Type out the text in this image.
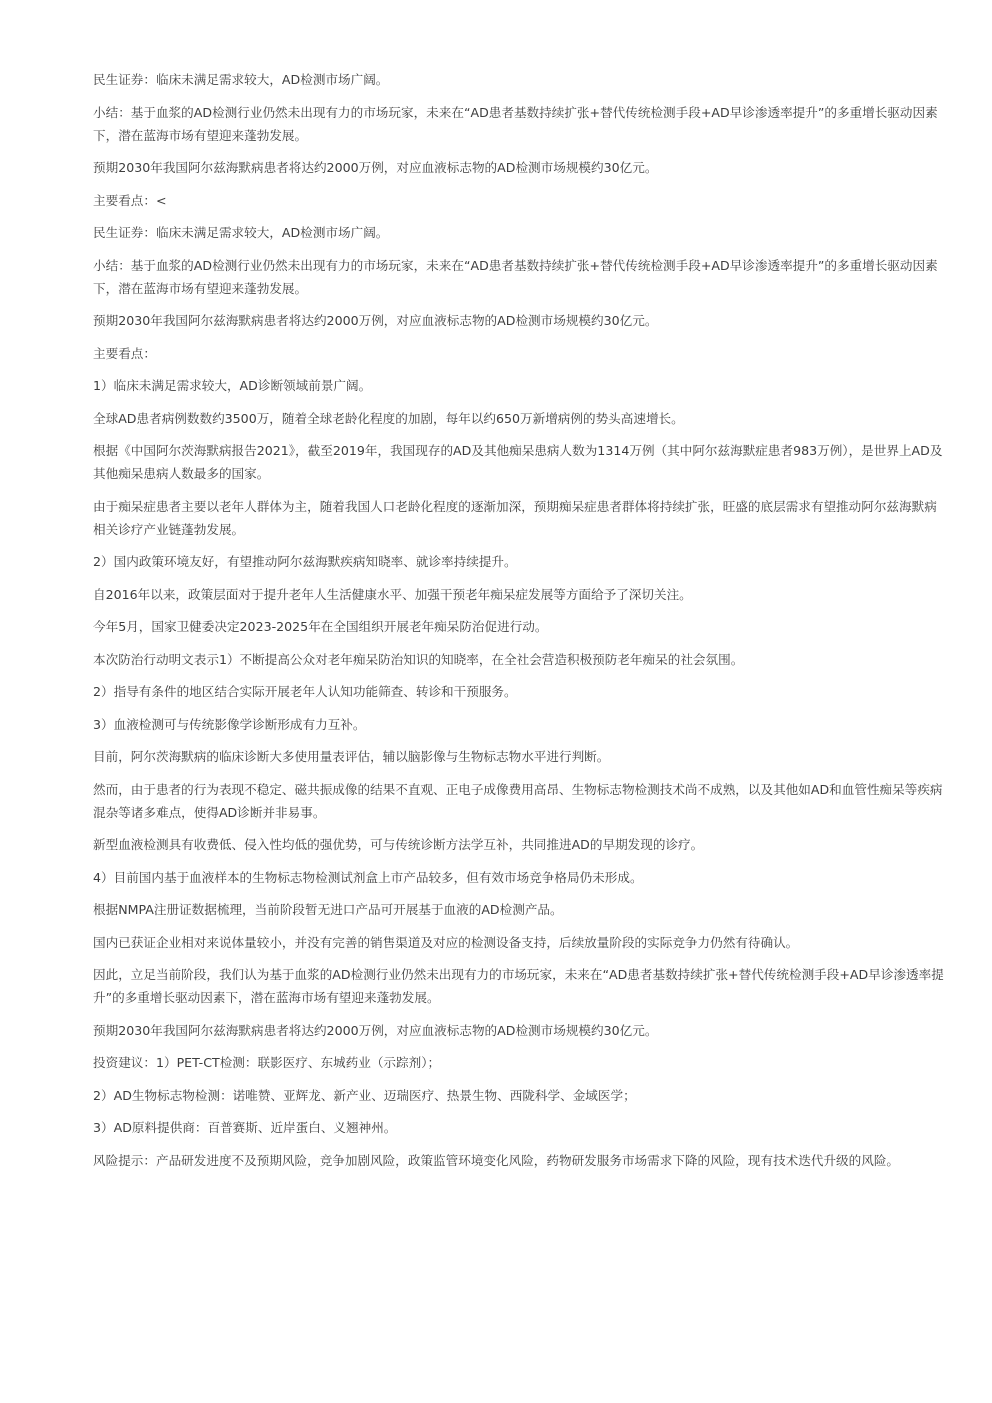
民生证券：临床未满足需求较大，AD检测市场广阔。

小结：基于血浆的AD检测行业仍然未出现有力的市场玩家，未来在“AD患者基数持续扩张+替代传统检测手段+AD早诊渗透率提升”的多重增长驱动因素下，潜在蓝海市场有望迎来蓬勃发展。

预期2030年我国阿尔兹海默病患者将达约2000万例，对应血液标志物的AD检测市场规模约30亿元。

主要看点：<

民生证券：临床未满足需求较大，AD检测市场广阔。

小结：基于血浆的AD检测行业仍然未出现有力的市场玩家，未来在“AD患者基数持续扩张+替代传统检测手段+AD早诊渗透率提升”的多重增长驱动因素下，潜在蓝海市场有望迎来蓬勃发展。

预期2030年我国阿尔兹海默病患者将达约2000万例，对应血液标志物的AD检测市场规模约30亿元。

主要看点：

1）临床未满足需求较大，AD诊断领域前景广阔。

全球AD患者病例数数约3500万，随着全球老龄化程度的加剧，每年以约650万新增病例的势头高速增长。

根据《中国阿尔茨海默病报告2021》，截至2019年，我国现存的AD及其他痴呆患病人数为1314万例（其中阿尔兹海默症患者983万例），是世界上AD及其他痴呆患病人数最多的国家。

由于痴呆症患者主要以老年人群体为主，随着我国人口老龄化程度的逐渐加深，预期痴呆症患者群体将持续扩张，旺盛的底层需求有望推动阿尔兹海默病相关诊疗产业链蓬勃发展。

2）国内政策环境友好，有望推动阿尔兹海默疾病知晓率、就诊率持续提升。

自2016年以来，政策层面对于提升老年人生活健康水平、加强干预老年痴呆症发展等方面给予了深切关注。

今年5月，国家卫健委决定2023-2025年在全国组织开展老年痴呆防治促进行动。

本次防治行动明文表示1）不断提高公众对老年痴呆防治知识的知晓率，在全社会营造积极预防老年痴呆的社会氛围。

2）指导有条件的地区结合实际开展老年人认知功能筛查、转诊和干预服务。

3）血液检测可与传统影像学诊断形成有力互补。

目前，阿尔茨海默病的临床诊断大多使用量表评估，辅以脑影像与生物标志物水平进行判断。

然而，由于患者的行为表现不稳定、磁共振成像的结果不直观、正电子成像费用高昂、生物标志物检测技术尚不成熟，以及其他如AD和血管性痴呆等疾病混杂等诸多难点，使得AD诊断并非易事。

新型血液检测具有收费低、侵入性均低的强优势，可与传统诊断方法学互补，共同推进AD的早期发现的诊疗。

4）目前国内基于血液样本的生物标志物检测试剂盒上市产品较多，但有效市场竞争格局仍未形成。

根据NMPA注册证数据梳理，当前阶段暂无进口产品可开展基于血液的AD检测产品。

国内已获证企业相对来说体量较小，并没有完善的销售渠道及对应的检测设备支持，后续放量阶段的实际竞争力仍然有待确认。

因此，立足当前阶段，我们认为基于血浆的AD检测行业仍然未出现有力的市场玩家，未来在“AD患者基数持续扩张+替代传统检测手段+AD早诊渗透率提升”的多重增长驱动因素下，潜在蓝海市场有望迎来蓬勃发展。

预期2030年我国阿尔兹海默病患者将达约2000万例，对应血液标志物的AD检测市场规模约30亿元。

投资建议：1）PET-CT检测：联影医疗、东城药业（示踪剂）；

2）AD生物标志物检测：诺唯赞、亚辉龙、新产业、迈瑞医疗、热景生物、西陇科学、金域医学；

3）AD原料提供商：百普赛斯、近岸蛋白、义翘神州。

风险提示：产品研发进度不及预期风险，竞争加剧风险，政策监管环境变化风险，药物研发服务市场需求下降的风险，现有技术迭代升级的风险。
